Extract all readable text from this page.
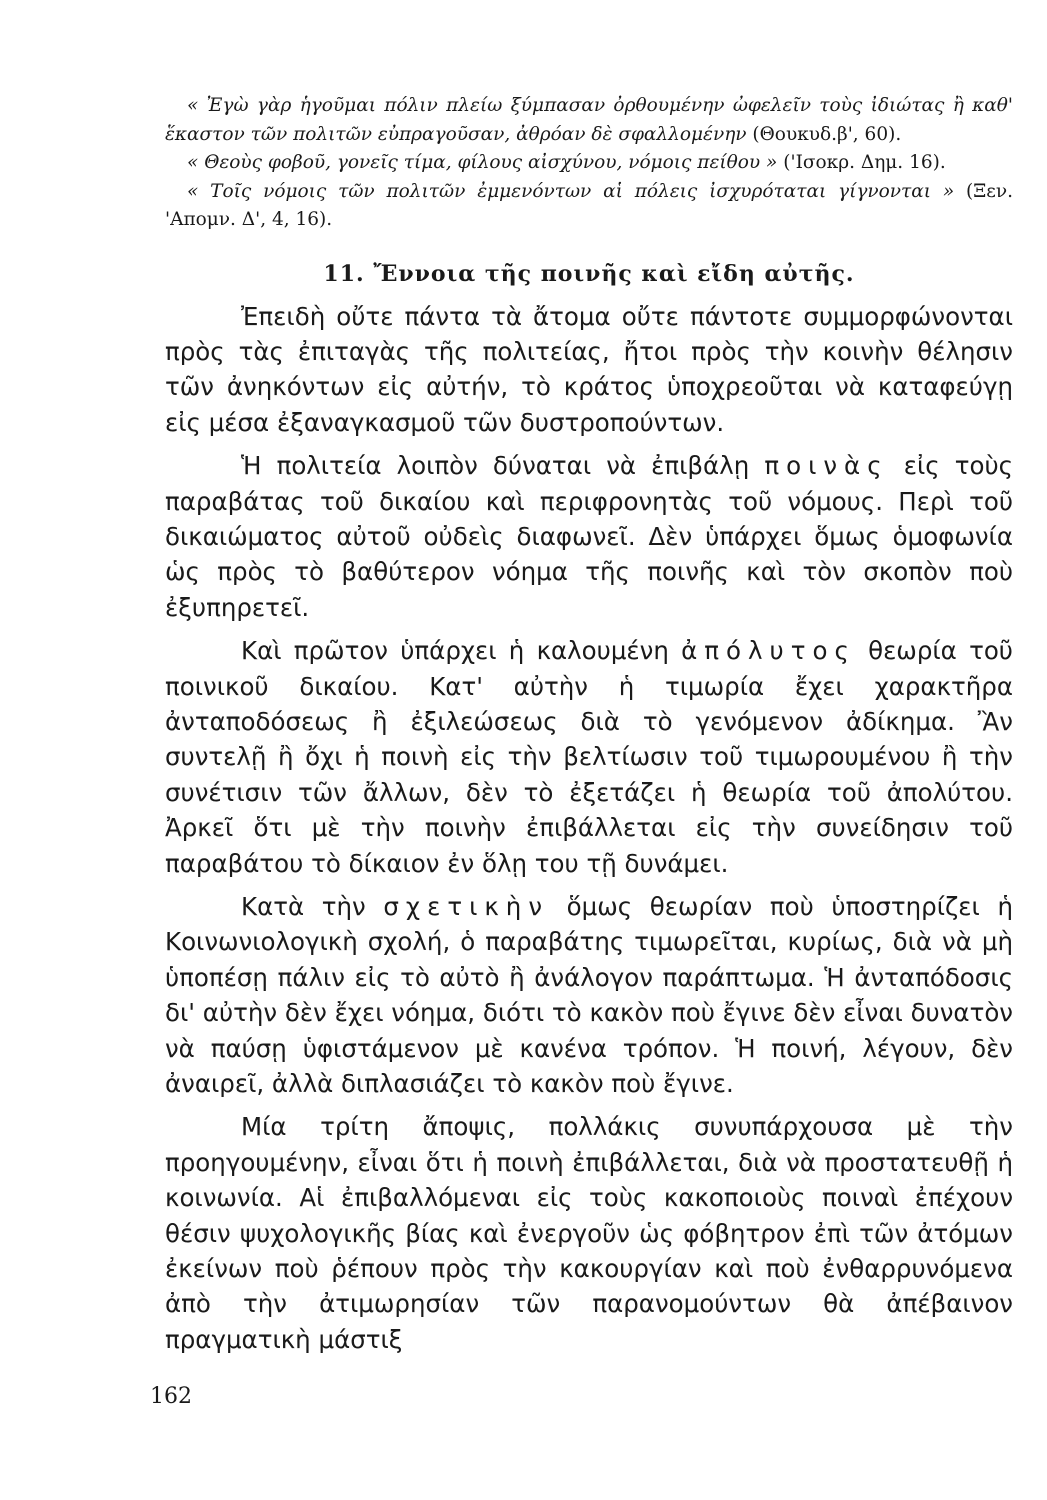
« Ἐγὼ γὰρ ἡγοῦμαι πόλιν πλείω ξύμπασαν ὀρθουμένην ὠφελεῖν τοὺς ἰδιώτας ἢ καθ' ἕκαστον τῶν πολιτῶν εὐπραγοῦσαν, ἀθρόαν δὲ σφαλλομένην (Θουκυδ.β', 60).

« Θεοὺς φοβοῦ, γονεῖς τίμα, φίλους αἰσχύνου, νόμοις πείθου » ('Ισοκρ. Δημ. 16).

« Τοῖς νόμοις τῶν πολιτῶν ἐμμενόντων αἱ πόλεις ἰσχυρόταται γίγνονται » (Ξεν. 'Απομν. Δ', 4, 16).

11. Ἔννοια τῆς ποινῆς καὶ εἴδη αὐτῆς.

Ἐπειδὴ οὔτε πάντα τὰ ἄτομα οὔτε πάντοτε συμμορφώνονται πρὸς τὰς ἐπιταγὰς τῆς πολιτείας, ἤτοι πρὸς τὴν κοινὴν θέλησιν τῶν ἀνηκόντων εἰς αὐτήν, τὸ κράτος ὑποχρεοῦται νὰ καταφεύγῃ εἰς μέσα ἐξαναγκασμοῦ τῶν δυστροπούντων.

Ἡ πολιτεία λοιπὸν δύναται νὰ ἐπιβάλῃ ποινὰς εἰς τοὺς παραβάτας τοῦ δικαίου καὶ περιφρονητὰς τοῦ νόμους. Περὶ τοῦ δικαιώματος αὐτοῦ οὐδεὶς διαφωνεῖ. Δὲν ὑπάρχει ὅμως ὁμοφωνία ὡς πρὸς τὸ βαθύτερον νόημα τῆς ποινῆς καὶ τὸν σκοπὸν ποὺ ἐξυπηρετεῖ.

Καὶ πρῶτον ὑπάρχει ἡ καλουμένη ἀπόλυτος θεωρία τοῦ ποινικοῦ δικαίου. Κατ' αὐτὴν ἡ τιμωρία ἔχει χαρακτῆρα ἀνταποδόσεως ἢ ἐξιλεώσεως διὰ τὸ γενόμενον ἀδίκημα. Ἂν συντελῇ ἢ ὄχι ἡ ποινὴ εἰς τὴν βελτίωσιν τοῦ τιμωρουμένου ἢ τὴν συνέτισιν τῶν ἄλλων, δὲν τὸ ἐξετάζει ἡ θεωρία τοῦ ἀπολύτου. Ἀρκεῖ ὅτι μὲ τὴν ποινὴν ἐπιβάλλεται εἰς τὴν συνείδησιν τοῦ παραβάτου τὸ δίκαιον ἐν ὅλῃ του τῇ δυνάμει.

Κατὰ τὴν σχετικὴν ὅμως θεωρίαν ποὺ ὑποστηρίζει ἡ Κοινωνιολογικὴ σχολή, ὁ παραβάτης τιμωρεῖται, κυρίως, διὰ νὰ μὴ ὑποπέσῃ πάλιν εἰς τὸ αὐτὸ ἢ ἀνάλογον παράπτωμα. Ἡ ἀνταπόδοσις δι' αὐτὴν δὲν ἔχει νόημα, διότι τὸ κακὸν ποὺ ἔγινε δὲν εἶναι δυνατὸν νὰ παύσῃ ὑφιστάμενον μὲ κανένα τρόπον. Ἡ ποινή, λέγουν, δὲν ἀναιρεῖ, ἀλλὰ διπλασιάζει τὸ κακὸν ποὺ ἔγινε.

Μία τρίτη ἄποψις, πολλάκις συνυπάρχουσα μὲ τὴν προηγουμένην, εἶναι ὅτι ἡ ποινὴ ἐπιβάλλεται, διὰ νὰ προστατευθῇ ἡ κοινωνία. Αἱ ἐπιβαλλόμεναι εἰς τοὺς κακοποιοὺς ποιναὶ ἐπέχουν θέσιν ψυχολογικῆς βίας καὶ ἐνεργοῦν ὡς φόβητρον ἐπὶ τῶν ἀτόμων ἐκείνων ποὺ ῥέπουν πρὸς τὴν κακουργίαν καὶ ποὺ ἐνθαρρυνόμενα ἀπὸ τὴν ἀτιμωρησίαν τῶν παρανομούντων θὰ ἀπέβαινον πραγματικὴ μάστιξ

162
